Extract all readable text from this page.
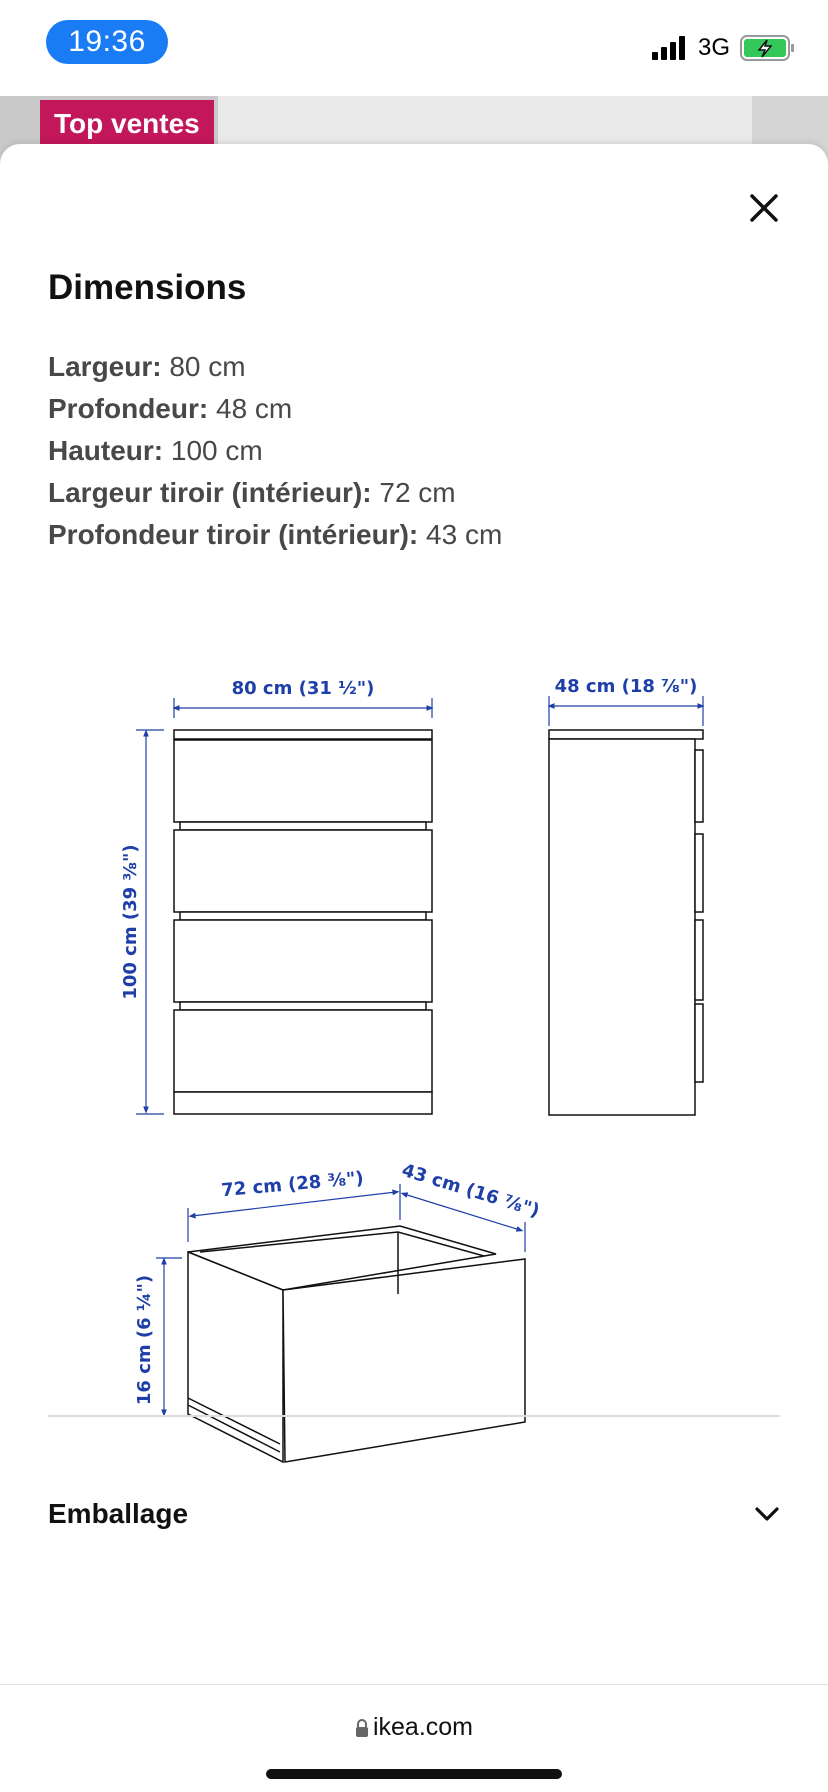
19:36	3G
Top ventes
Dimensions
Largeur: 80 cm
Profondeur: 48 cm
Hauteur: 100 cm
Largeur tiroir (intérieur): 72 cm
Profondeur tiroir (intérieur): 43 cm
80 cm (31 ½")
100 cm (39 ⅜")
48 cm (18 ⅞")
72 cm (28 ⅜") 43 cm (16 ⅞")
16 cm (6 ¼")
Emballage
ikea.com
